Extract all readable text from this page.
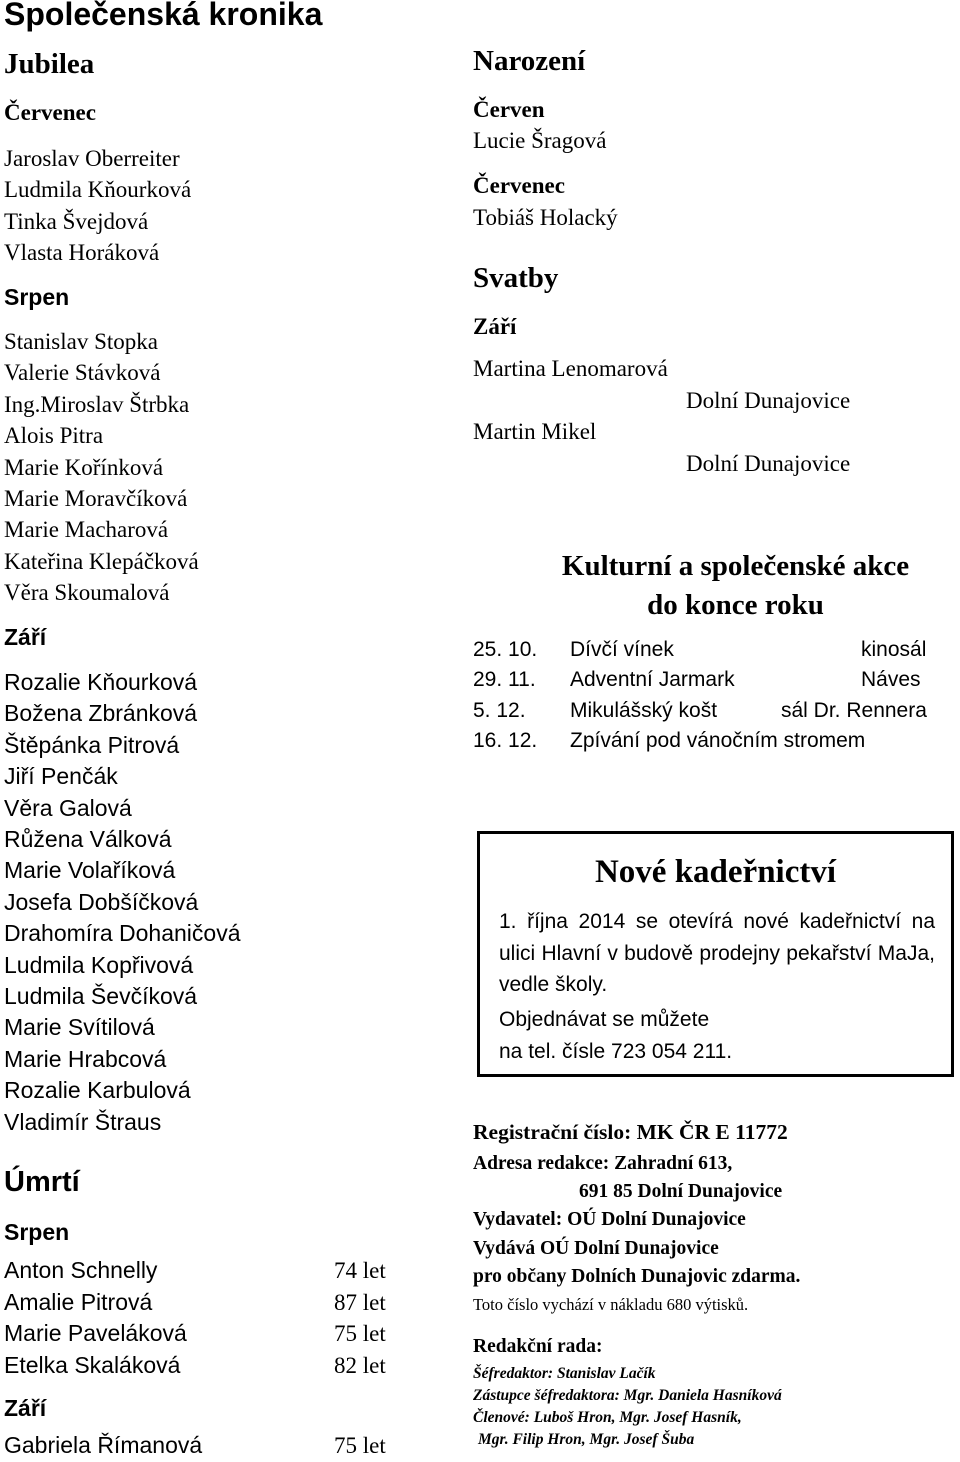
Společenská kronika
Jubilea
Červenec
Jaroslav Oberreiter
Ludmila Kňourková
Tinka Švejdová
Vlasta Horáková
Srpen
Stanislav Stopka
Valerie Stávková
Ing.Miroslav Štrbka
Alois Pitra
Marie Kořínková
Marie Moravčíková
Marie Macharová
Kateřina Klepáčková
Věra Skoumalová
Září
Rozalie Kňourková
Božena Zbránková
Štěpánka Pitrová
Jiří Penčák
Věra Galová
Růžena Válková
Marie Volaříková
Josefa Dobšíčková
Drahomíra Dohaničová
Ludmila Kopřivová
Ludmila Ševčíková
Marie Svítilová
Marie Hrabcová
Rozalie Karbulová
Vladimír Štraus
Úmrtí
Srpen
Anton Schnelly	74 let
Amalie Pitrová	87 let
Marie Paveláková	75 let
Etelka Skaláková	82 let
Září
Gabriela Římanová	75 let
Narození
Červen
Lucie Šragová
Červenec
Tobiáš Holacký
Svatby
Září
Martina Lenomarová
Dolní Dunajovice
Martin Mikel
Dolní Dunajovice
Kulturní a společenské akce
do konce roku
25. 10. Dívčí vínek	kinosál
29. 11. Adventní Jarmark	Náves
5. 12. Mikulášský košt	sál Dr. Rennera
16. 12. Zpívání pod vánočním stromem
Nové kadeřnictví
1. října 2014 se otevírá nové kadeřnictví na ulici Hlavní v budově prodejny pekařství MaJa, vedle školy.
Objednávat se můžete
na tel. čísle 723 054 211.
Registrační číslo: MK ČR E 11772
Adresa redakce: Zahradní 613,
691 85 Dolní Dunajovice
Vydavatel: OÚ Dolní Dunajovice
Vydává OÚ Dolní Dunajovice
pro občany Dolních Dunajovic zdarma.
Toto číslo vychází v nákladu 680 výtisků.
Redakční rada:
Šéfredaktor: Stanislav Lačík
Zástupce šéfredaktora: Mgr. Daniela Hasníková
Členové: Luboš Hron, Mgr. Josef Hasník,
Mgr. Filip Hron, Mgr. Josef Šuba
